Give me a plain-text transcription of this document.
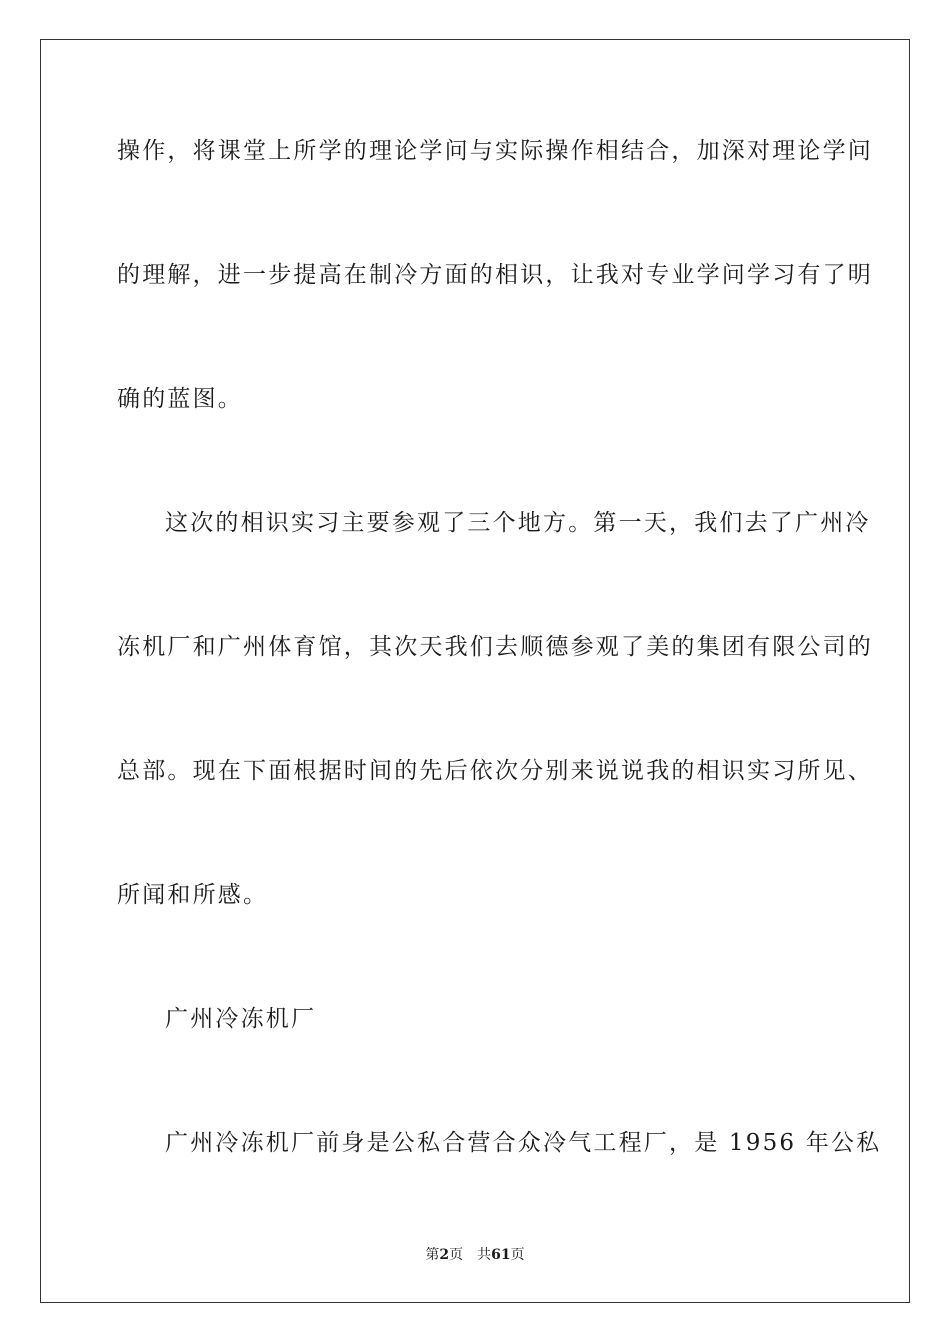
操作，将课堂上所学的理论学问与实际操作相结合，加深对理论学问
的理解，进一步提高在制冷方面的相识，让我对专业学问学习有了明
确的蓝图。
这次的相识实习主要参观了三个地方。第一天，我们去了广州冷
冻机厂和广州体育馆，其次天我们去顺德参观了美的集团有限公司的
总部。现在下面根据时间的先后依次分别来说说我的相识实习所见、
所闻和所感。
广州冷冻机厂
广州冷冻机厂前身是公私合营合众冷气工程厂，是 1956 年公私
第2页 共61页
